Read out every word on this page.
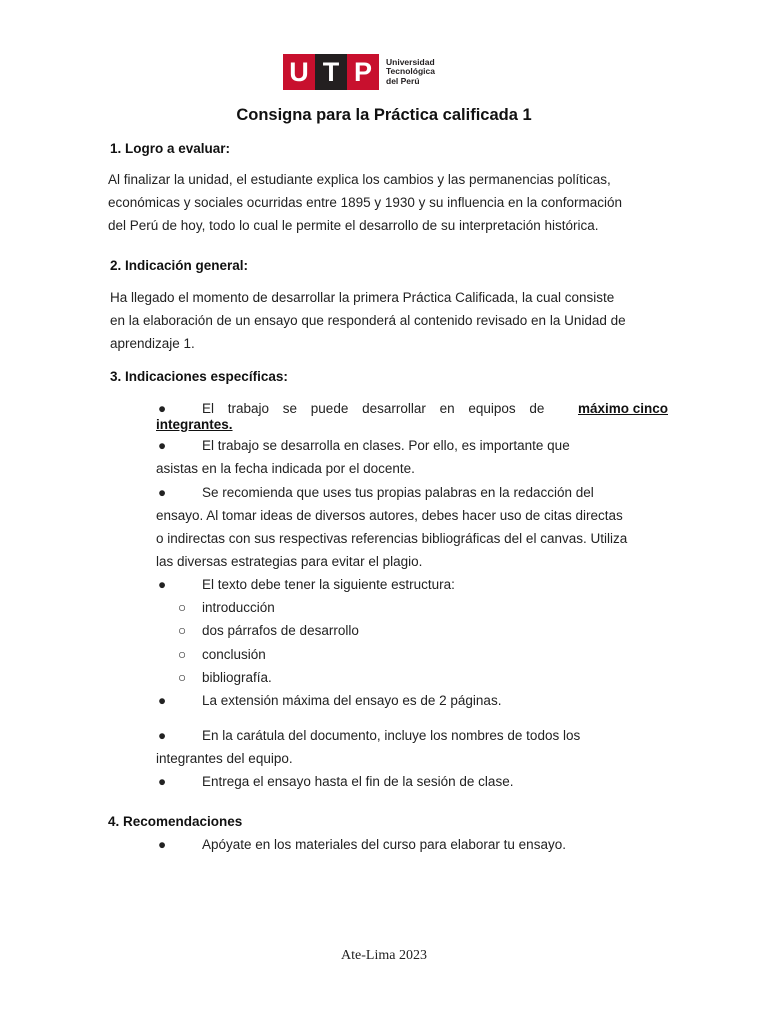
U T P	Universidad
Tecnológica
del Perú
Consigna para la Práctica calificada 1
1. Logro a evaluar:
Al finalizar la unidad, el estudiante explica los cambios y las permanencias políticas,
económicas y sociales ocurridas entre 1895 y 1930 y su influencia en la conformación
del Perú de hoy, todo lo cual le permite el desarrollo de su interpretación histórica.
2. Indicación general:
Ha llegado el momento de desarrollar la primera Práctica Calificada, la cual consiste
en la elaboración de un ensayo que responderá al contenido revisado en la Unidad de
aprendizaje 1.
3. Indicaciones específicas:
●	El trabajo se puede desarrollar en equipos de máximo cinco
integrantes.
●	El trabajo se desarrolla en clases. Por ello, es importante que
asistas en la fecha indicada por el docente.
●	Se recomienda que uses tus propias palabras en la redacción del
ensayo. Al tomar ideas de diversos autores, debes hacer uso de citas directas
o indirectas con sus respectivas referencias bibliográficas del el canvas. Utiliza
las diversas estrategias para evitar el plagio.
●	El texto debe tener la siguiente estructura:
○ introducción
○ dos párrafos de desarrollo
○ conclusión
○ bibliografía.
●	La extensión máxima del ensayo es de 2 páginas.
●	En la carátula del documento, incluye los nombres de todos los
integrantes del equipo.
●	Entrega el ensayo hasta el fin de la sesión de clase.
4. Recomendaciones
●	Apóyate en los materiales del curso para elaborar tu ensayo.
Ate-Lima 2023
